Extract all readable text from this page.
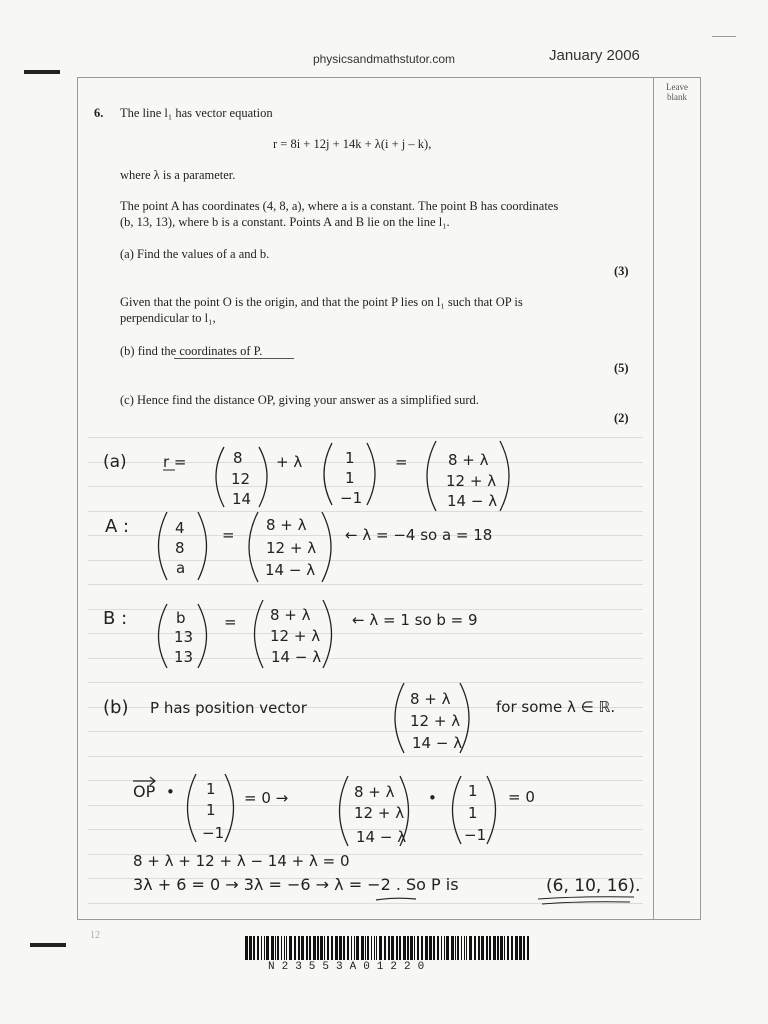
physicsandmathstutor.com	January 2006
Leave blank
6. The line l₁ has vector equation
r = 8i + 12j + 14k + λ(i + j – k),
where λ is a parameter.
The point A has coordinates (4, 8, a), where a is a constant. The point B has coordinates
(b, 13, 13), where b is a constant. Points A and B lie on the line l₁.
(a) Find the values of a and b.
(3)
Given that the point O is the origin, and that the point P lies on l₁ such that OP is
perpendicular to l₁,
(b) find the coordinates of P.
(5)
(c) Hence find the distance OP, giving your answer as a simplified surd.
(2)
(a) r =	8
12
14
+ λ	1
1
−1
=	8 + λ
12 + λ
14 − λ
A :	4
8
a
=
8 + λ
12 + λ
14 − λ
← λ = −4 so a = 18
B :	b
13
13
= 8 + λ
12 + λ
14 − λ
← λ = 1 so b = 9
(b) P has position vector	8 + λ
12 + λ
14 − λ
for some λ ∈ ℝ.
OP • 1
1
−1
= 0 →	8 + λ
12 + λ
14 − λ
• 1
1
−1
= 0
8 + λ + 12 + λ − 14 + λ = 0
3λ + 6 = 0 → 3λ = −6 → λ = −2 . So P is	(6, 10, 16).
12
N23553A01220
